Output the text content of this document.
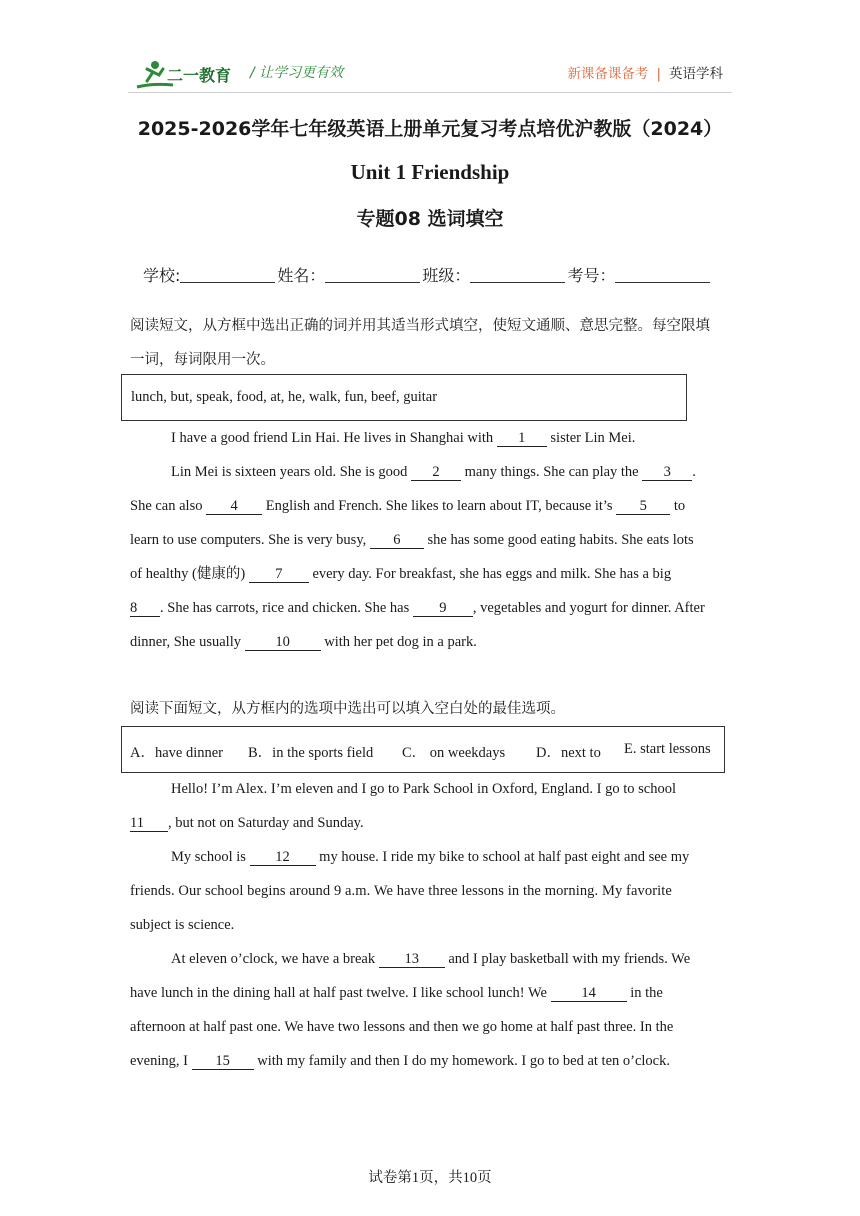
二一教育 / 让学习更有效	新课备课备考 | 英语学科
2025-2026学年七年级英语上册单元复习考点培优沪教版（2024）
Unit 1 Friendship
专题08 选词填空
学校:	姓名：	班级：	考号：
阅读短文，从方框中选出正确的词并用其适当形式填空，使短文通顺、意思完整。每空限填
一词，每词限用一次。
lunch, but, speak, food, at, he, walk, fun, beef, guitar
I have a good friend Lin Hai. He lives in Shanghai with 1 sister Lin Mei.
Lin Mei is sixteen years old. She is good 2 many things. She can play the 3 .
She can also 4 English and French. She likes to learn about IT, because it’s 5 to
learn to use computers. She is very busy, 6 she has some good eating habits. She eats lots
of healthy (健康的) 7 every day. For breakfast, she has eggs and milk. She has a big
8 . She has carrots, rice and chicken. She has 9 , vegetables and yogurt for dinner. After
dinner, She usually 10 with her pet dog in a park.
阅读下面短文，从方框内的选项中选出可以填入空白处的最佳选项。
A．have dinner B．in the sports field C． on weekdays D．next to E. start lessons
Hello! I’m Alex. I’m eleven and I go to Park School in Oxford, England. I go to school
11 , but not on Saturday and Sunday.
My school is 12 my house. I ride my bike to school at half past eight and see my
friends. Our school begins around 9 a.m. We have three lessons in the morning. My favorite
subject is science.
At eleven o’clock, we have a break 13 and I play basketball with my friends. We
have lunch in the dining hall at half past twelve. I like school lunch! We 14 in the
afternoon at half past one. We have two lessons and then we go home at half past three. In the
evening, I 15 with my family and then I do my homework. I go to bed at ten o’clock.
试卷第1页，共10页
